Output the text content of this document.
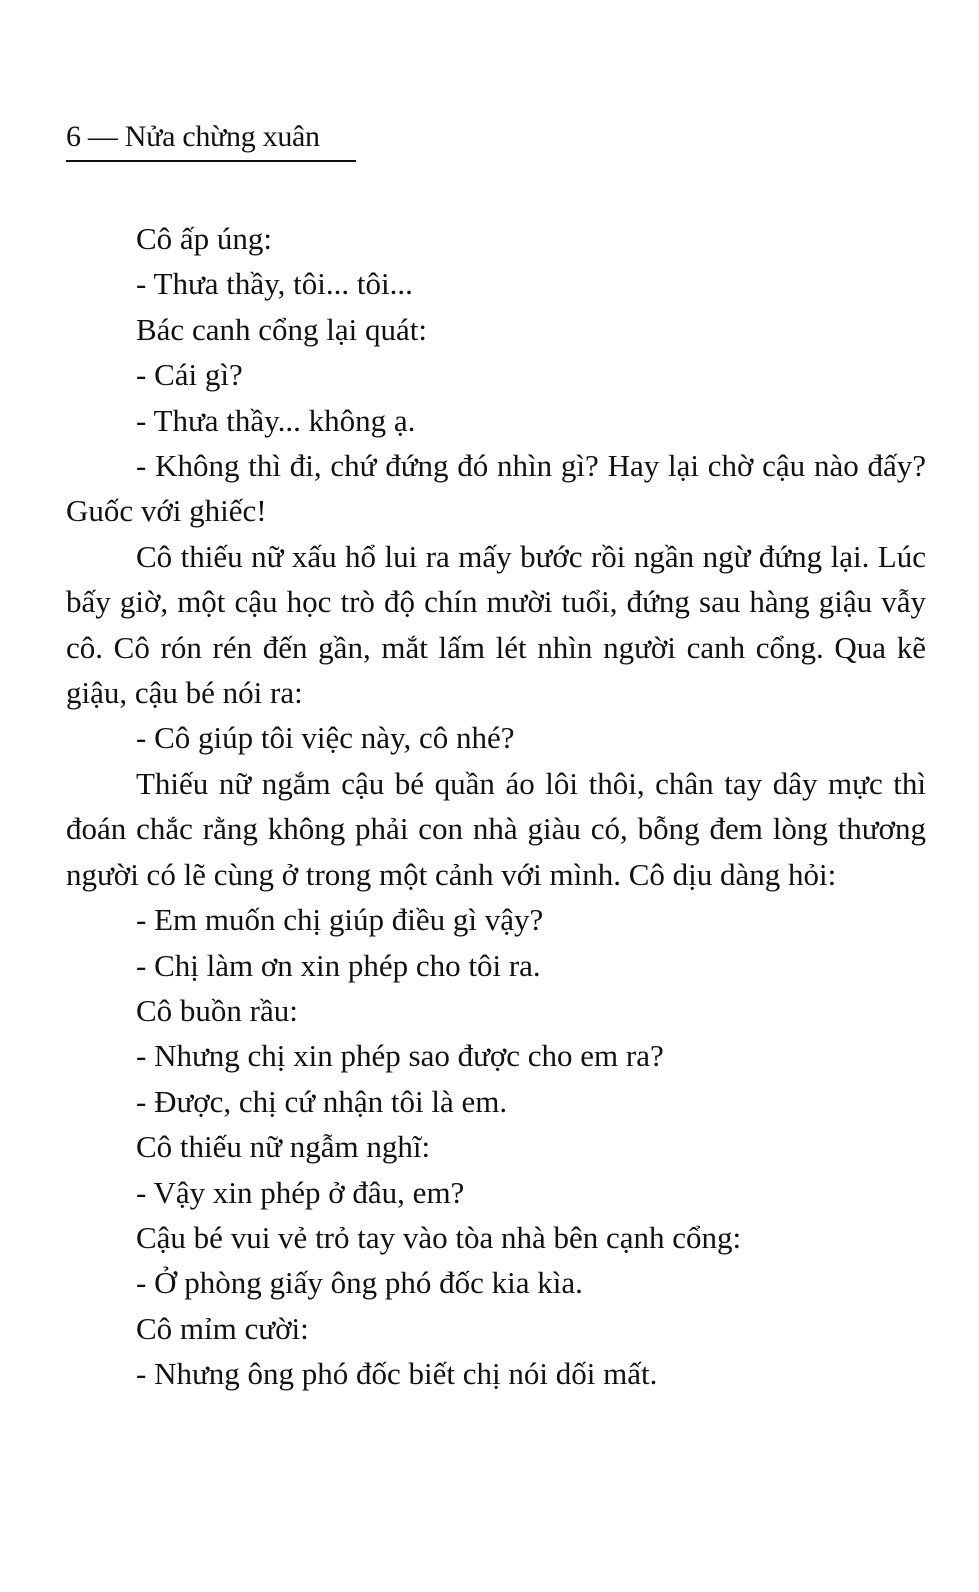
6 — Nửa chừng xuân

Cô ấp úng:

- Thưa thầy, tôi... tôi...

Bác canh cổng lại quát:

- Cái gì?

- Thưa thầy... không ạ.

- Không thì đi, chứ đứng đó nhìn gì? Hay lại chờ cậu nào đấy? Guốc với ghiếc!

Cô thiếu nữ xấu hổ lui ra mấy bước rồi ngần ngừ đứng lại. Lúc bấy giờ, một cậu học trò độ chín mười tuổi, đứng sau hàng giậu vẫy cô. Cô rón rén đến gần, mắt lấm lét nhìn người canh cổng. Qua kẽ giậu, cậu bé nói ra:

- Cô giúp tôi việc này, cô nhé?

Thiếu nữ ngắm cậu bé quần áo lôi thôi, chân tay dây mực thì đoán chắc rằng không phải con nhà giàu có, bỗng đem lòng thương người có lẽ cùng ở trong một cảnh với mình. Cô dịu dàng hỏi:

- Em muốn chị giúp điều gì vậy?

- Chị làm ơn xin phép cho tôi ra.

Cô buồn rầu:

- Nhưng chị xin phép sao được cho em ra?

- Được, chị cứ nhận tôi là em.

Cô thiếu nữ ngẫm nghĩ:

- Vậy xin phép ở đâu, em?

Cậu bé vui vẻ trỏ tay vào tòa nhà bên cạnh cổng:

- Ở phòng giấy ông phó đốc kia kìa.

Cô mỉm cười:

- Nhưng ông phó đốc biết chị nói dối mất.
